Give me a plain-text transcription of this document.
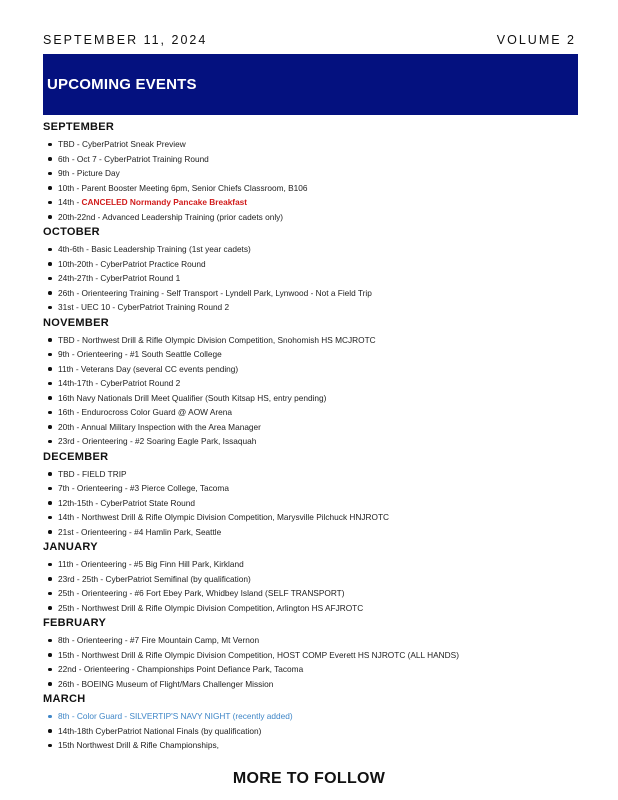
SEPTEMBER 11, 2024	VOLUME 2
UPCOMING EVENTS
SEPTEMBER
TBD - CyberPatriot Sneak Preview
6th - Oct 7 - CyberPatriot Training Round
9th - Picture Day
10th - Parent Booster Meeting 6pm, Senior Chiefs Classroom, B106
14th - CANCELED Normandy Pancake Breakfast
20th-22nd - Advanced Leadership Training (prior cadets only)
OCTOBER
4th-6th - Basic Leadership Training (1st year cadets)
10th-20th - CyberPatriot Practice Round
24th-27th - CyberPatriot Round 1
26th - Orienteering Training - Self Transport - Lyndell Park, Lynwood - Not a Field Trip
31st - UEC 10 - CyberPatriot Training Round 2
NOVEMBER
TBD - Northwest Drill & Rifle Olympic Division Competition, Snohomish HS MCJROTC
9th - Orienteering - #1 South Seattle College
11th - Veterans Day (several CC events pending)
14th-17th - CyberPatriot Round 2
16th Navy Nationals Drill Meet Qualifier (South Kitsap HS, entry pending)
16th - Endurocross Color Guard @ AOW Arena
20th - Annual Military Inspection with the Area Manager
23rd - Orienteering - #2 Soaring Eagle Park, Issaquah
DECEMBER
TBD - FIELD TRIP
7th - Orienteering - #3 Pierce College, Tacoma
12th-15th - CyberPatriot State Round
14th - Northwest Drill & Rifle Olympic Division Competition, Marysville Pilchuck HNJROTC
21st - Orienteering - #4 Hamlin Park, Seattle
JANUARY
11th - Orienteering - #5 Big Finn Hill Park, Kirkland
23rd - 25th - CyberPatriot Semifinal (by qualification)
25th - Orienteering - #6 Fort Ebey Park, Whidbey Island (SELF TRANSPORT)
25th - Northwest Drill & Rifle Olympic Division Competition, Arlington HS AFJROTC
FEBRUARY
8th - Orienteering - #7 Fire Mountain Camp, Mt Vernon
15th - Northwest Drill & Rifle Olympic Division Competition, HOST COMP Everett HS NJROTC (ALL HANDS)
22nd - Orienteering - Championships Point Defiance Park, Tacoma
26th - BOEING Museum of Flight/Mars Challenger Mission
MARCH
8th - Color Guard - SILVERTIP'S NAVY NIGHT (recently added)
14th-18th CyberPatriot National Finals (by qualification)
15th Northwest Drill & Rifle Championships,
MORE TO FOLLOW
